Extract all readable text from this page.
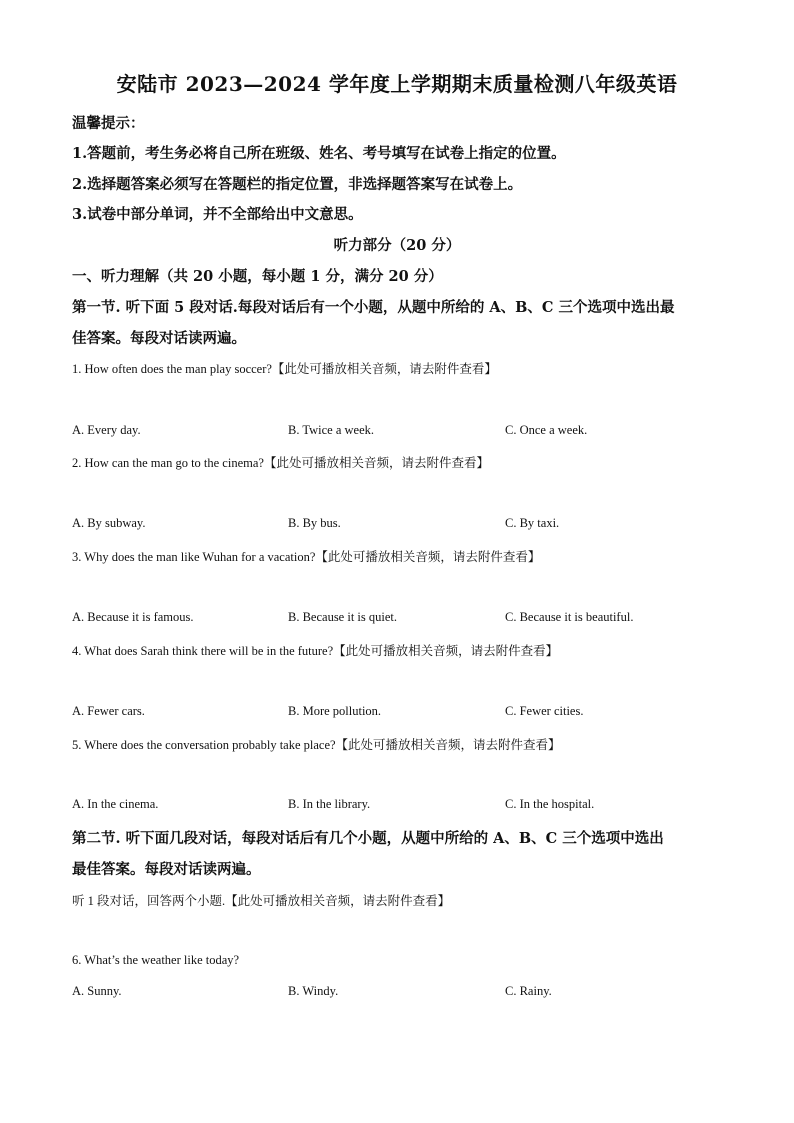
安陆市 2023—2024 学年度上学期期末质量检测八年级英语
温馨提示：
1.答题前，考生务必将自己所在班级、姓名、考号填写在试卷上指定的位置。
2.选择题答案必须写在答题栏的指定位置，非选择题答案写在试卷上。
3.试卷中部分单词，并不全部给出中文意思。
听力部分（20 分）
一、听力理解（共 20 小题，每小题 1 分，满分 20 分）
第一节. 听下面 5 段对话.每段对话后有一个小题，从题中所给的 A、B、C 三个选项中选出最
佳答案。每段对话读两遍。
1. How often does the man play soccer?【此处可播放相关音频，请去附件查看】
A. Every day.	B. Twice a week.	C. Once a week.
2. How can the man go to the cinema?【此处可播放相关音频，请去附件查看】
A. By subway.	B. By bus.	C. By taxi.
3. Why does the man like Wuhan for a vacation?【此处可播放相关音频，请去附件查看】
A. Because it is famous.	B. Because it is quiet.	C. Because it is beautiful.
4. What does Sarah think there will be in the future?【此处可播放相关音频，请去附件查看】
A. Fewer cars.	B. More pollution.	C. Fewer cities.
5. Where does the conversation probably take place?【此处可播放相关音频，请去附件查看】
A. In the cinema.	B. In the library.	C. In the hospital.
第二节. 听下面几段对话，每段对话后有几个小题，从题中所给的 A、B、C 三个选项中选出
最佳答案。每段对话读两遍。
听 1 段对话，回答两个小题.【此处可播放相关音频，请去附件查看】
6. What’s the weather like today?
A. Sunny.	B. Windy.	C. Rainy.
